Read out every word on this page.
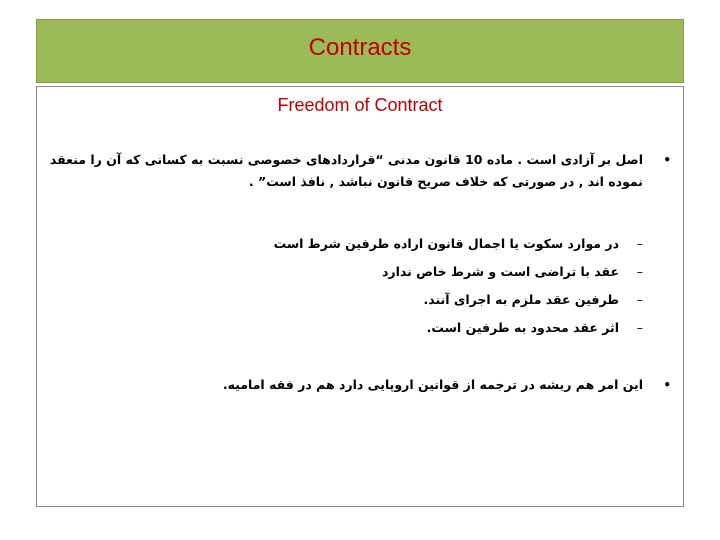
Contracts
Freedom of Contract
•
اصل بر آزادی است . ماده 10 قانون مدنی “قراردادهای خصوصی نسبت به کسانی که آن را منعقد نموده اند , در صورتی که خلاف صریح قانون نباشد , نافذ است” .
–
در موارد سکوت یا اجمال قانون اراده طرفین شرط است
–
عقد با تراضی است و شرط خاص ندارد
–
طرفین عقد ملزم به اجرای آنند.
–
اثر عقد محدود به طرفین است.
•
این امر هم ریشه در ترجمه از قوانین اروپایی دارد هم در فقه امامیه.
